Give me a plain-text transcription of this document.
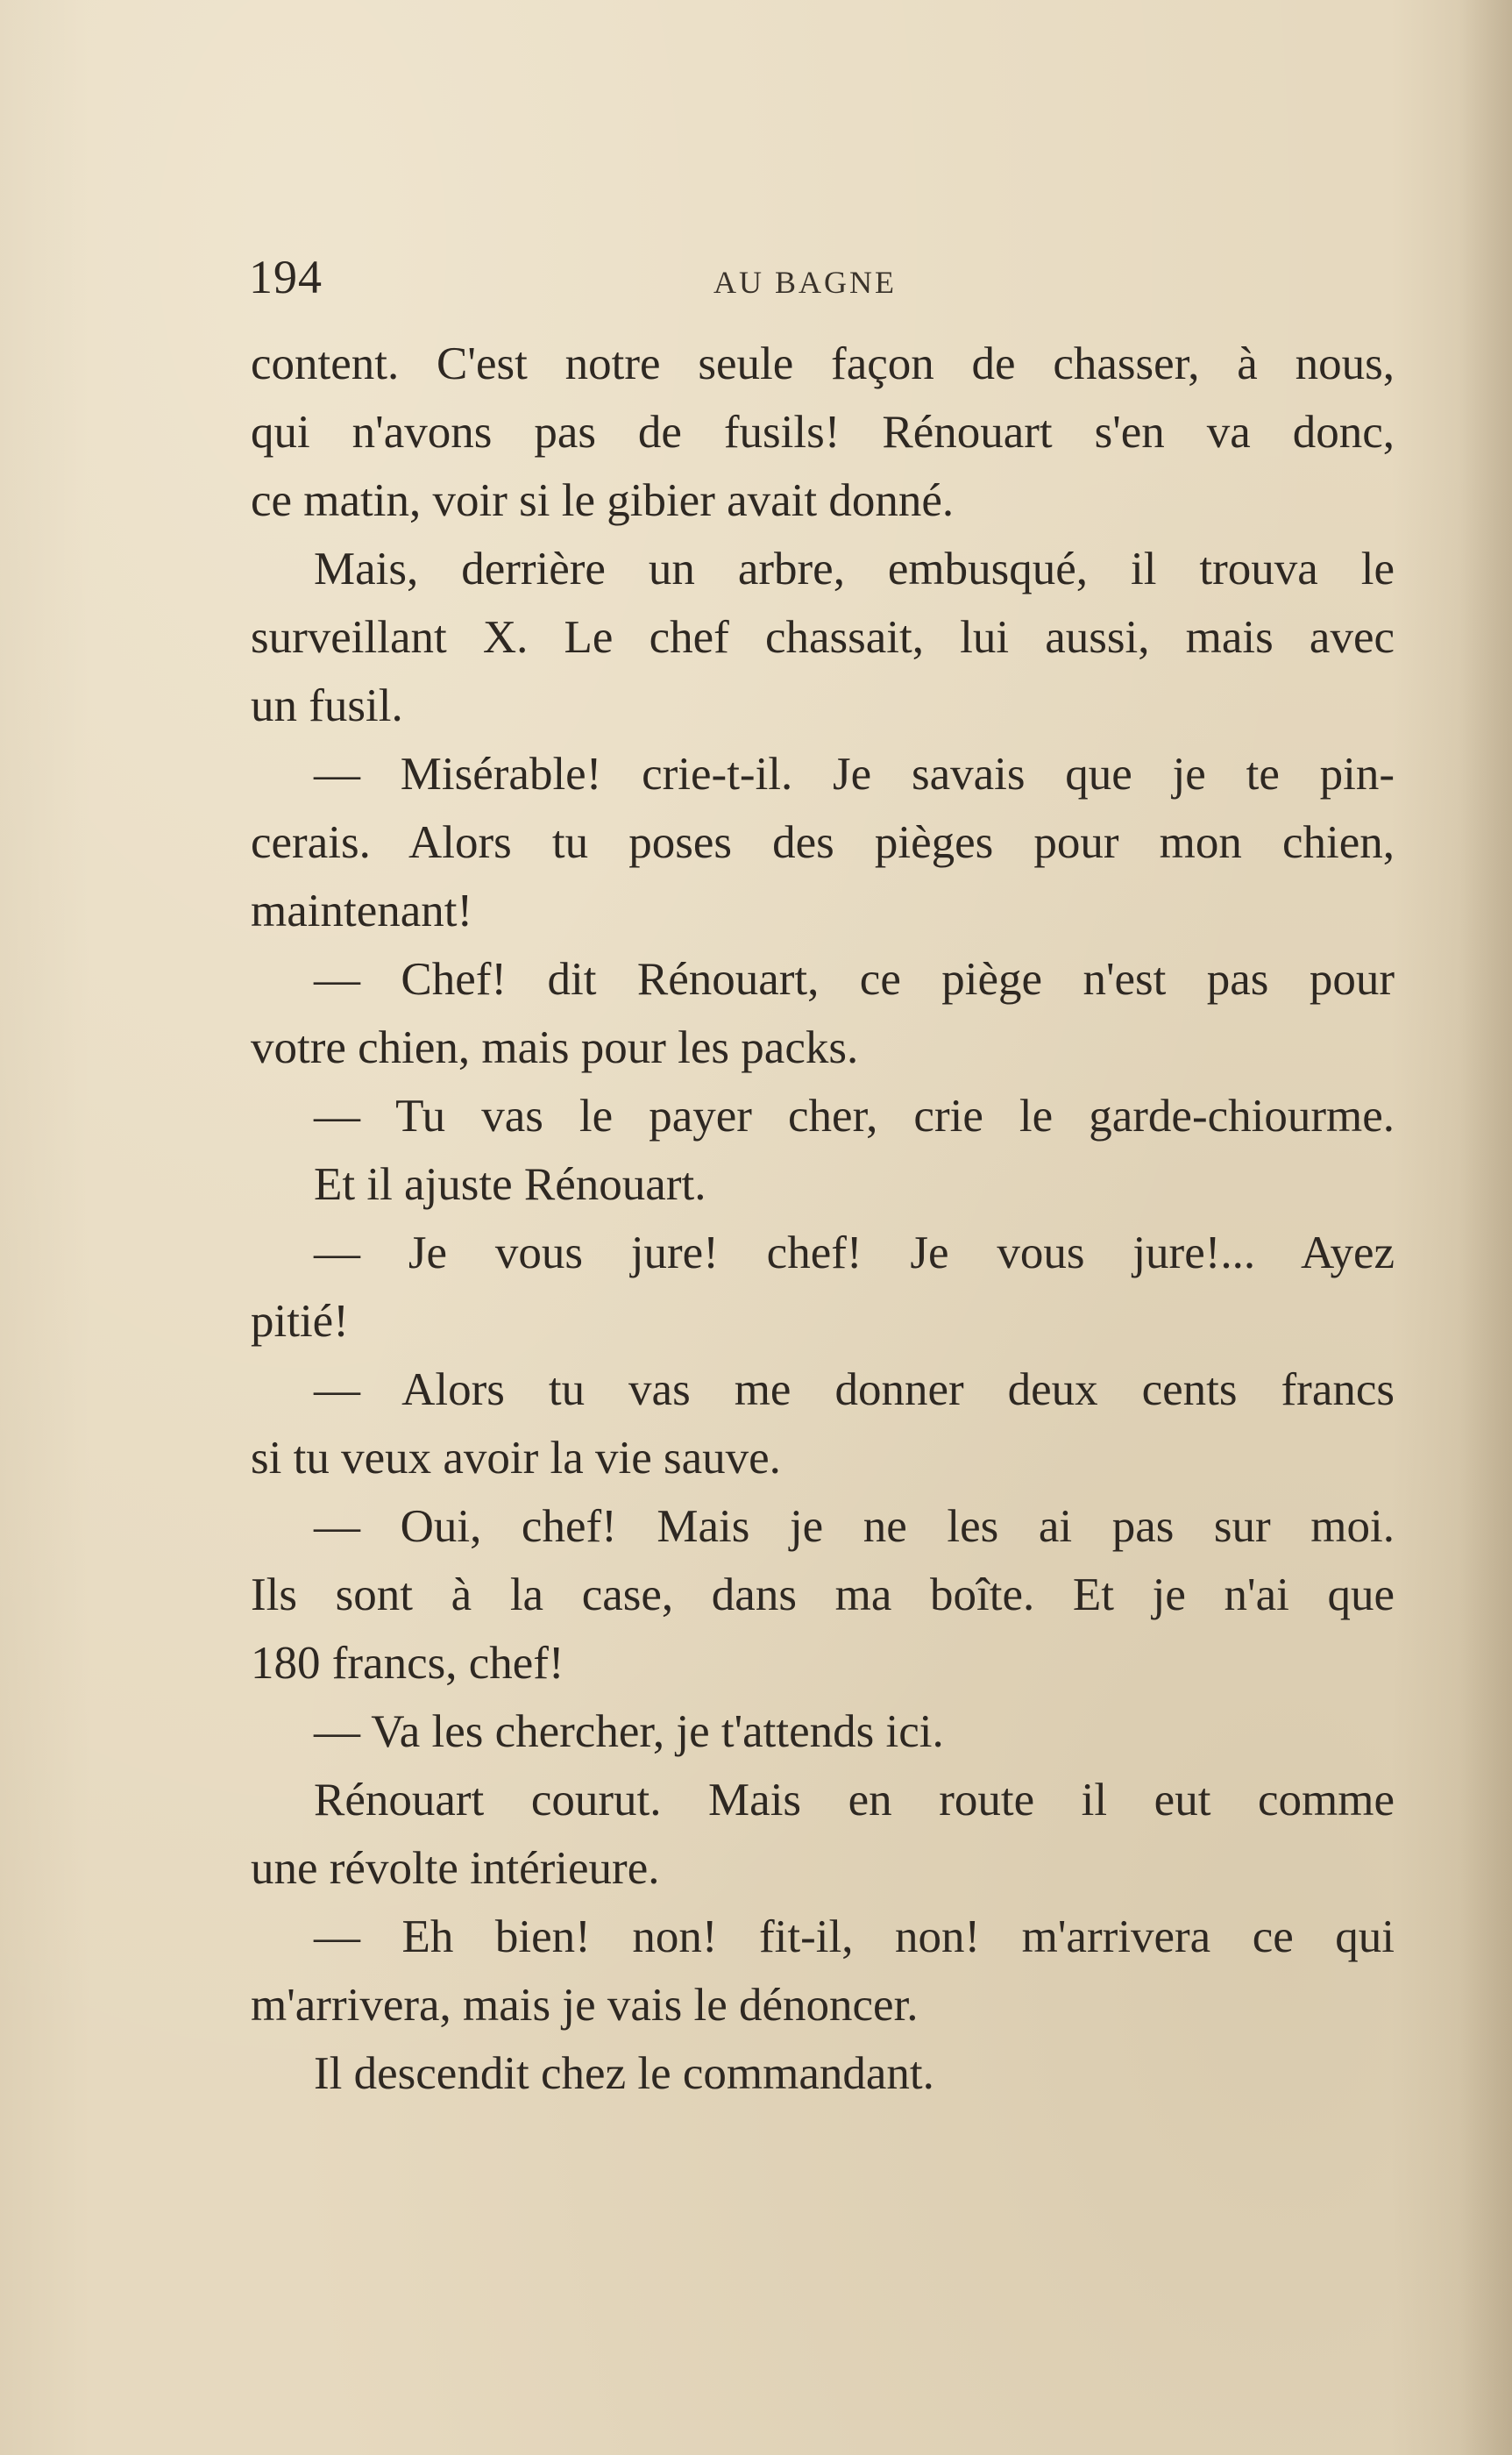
194	AU BAGNE
content. C'est notre seule façon de chasser, à nous,
qui n'avons pas de fusils! Rénouart s'en va donc,
ce matin, voir si le gibier avait donné.
Mais, derrière un arbre, embusqué, il trouva le
surveillant X. Le chef chassait, lui aussi, mais avec
un fusil.
— Misérable! crie-t-il. Je savais que je te pin-
cerais. Alors tu poses des pièges pour mon chien,
maintenant!
— Chef! dit Rénouart, ce piège n'est pas pour
votre chien, mais pour les packs.
— Tu vas le payer cher, crie le garde-chiourme.
Et il ajuste Rénouart.
— Je vous jure! chef! Je vous jure!... Ayez
pitié!
— Alors tu vas me donner deux cents francs
si tu veux avoir la vie sauve.
— Oui, chef! Mais je ne les ai pas sur moi.
Ils sont à la case, dans ma boîte. Et je n'ai que
180 francs, chef!
— Va les chercher, je t'attends ici.
Rénouart courut. Mais en route il eut comme
une révolte intérieure.
— Eh bien! non! fit-il, non! m'arrivera ce qui
m'arrivera, mais je vais le dénoncer.
Il descendit chez le commandant.
